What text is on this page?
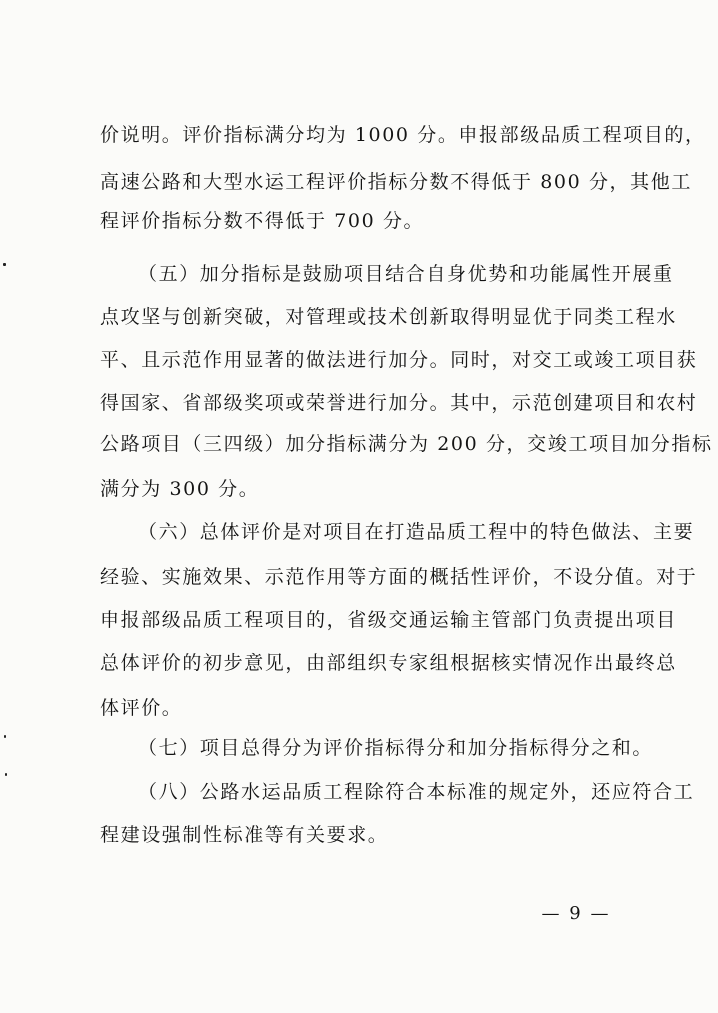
价说明。评价指标满分均为 1000 分。申报部级品质工程项目的，
高速公路和大型水运工程评价指标分数不得低于 800 分，其他工
程评价指标分数不得低于 700 分。
（五）加分指标是鼓励项目结合自身优势和功能属性开展重
点攻坚与创新突破，对管理或技术创新取得明显优于同类工程水
平、且示范作用显著的做法进行加分。同时，对交工或竣工项目获
得国家、省部级奖项或荣誉进行加分。其中，示范创建项目和农村
公路项目（三四级）加分指标满分为 200 分，交竣工项目加分指标
满分为 300 分。
（六）总体评价是对项目在打造品质工程中的特色做法、主要
经验、实施效果、示范作用等方面的概括性评价，不设分值。对于
申报部级品质工程项目的，省级交通运输主管部门负责提出项目
总体评价的初步意见，由部组织专家组根据核实情况作出最终总
体评价。
（七）项目总得分为评价指标得分和加分指标得分之和。
（八）公路水运品质工程除符合本标准的规定外，还应符合工
程建设强制性标准等有关要求。
— 9 —
